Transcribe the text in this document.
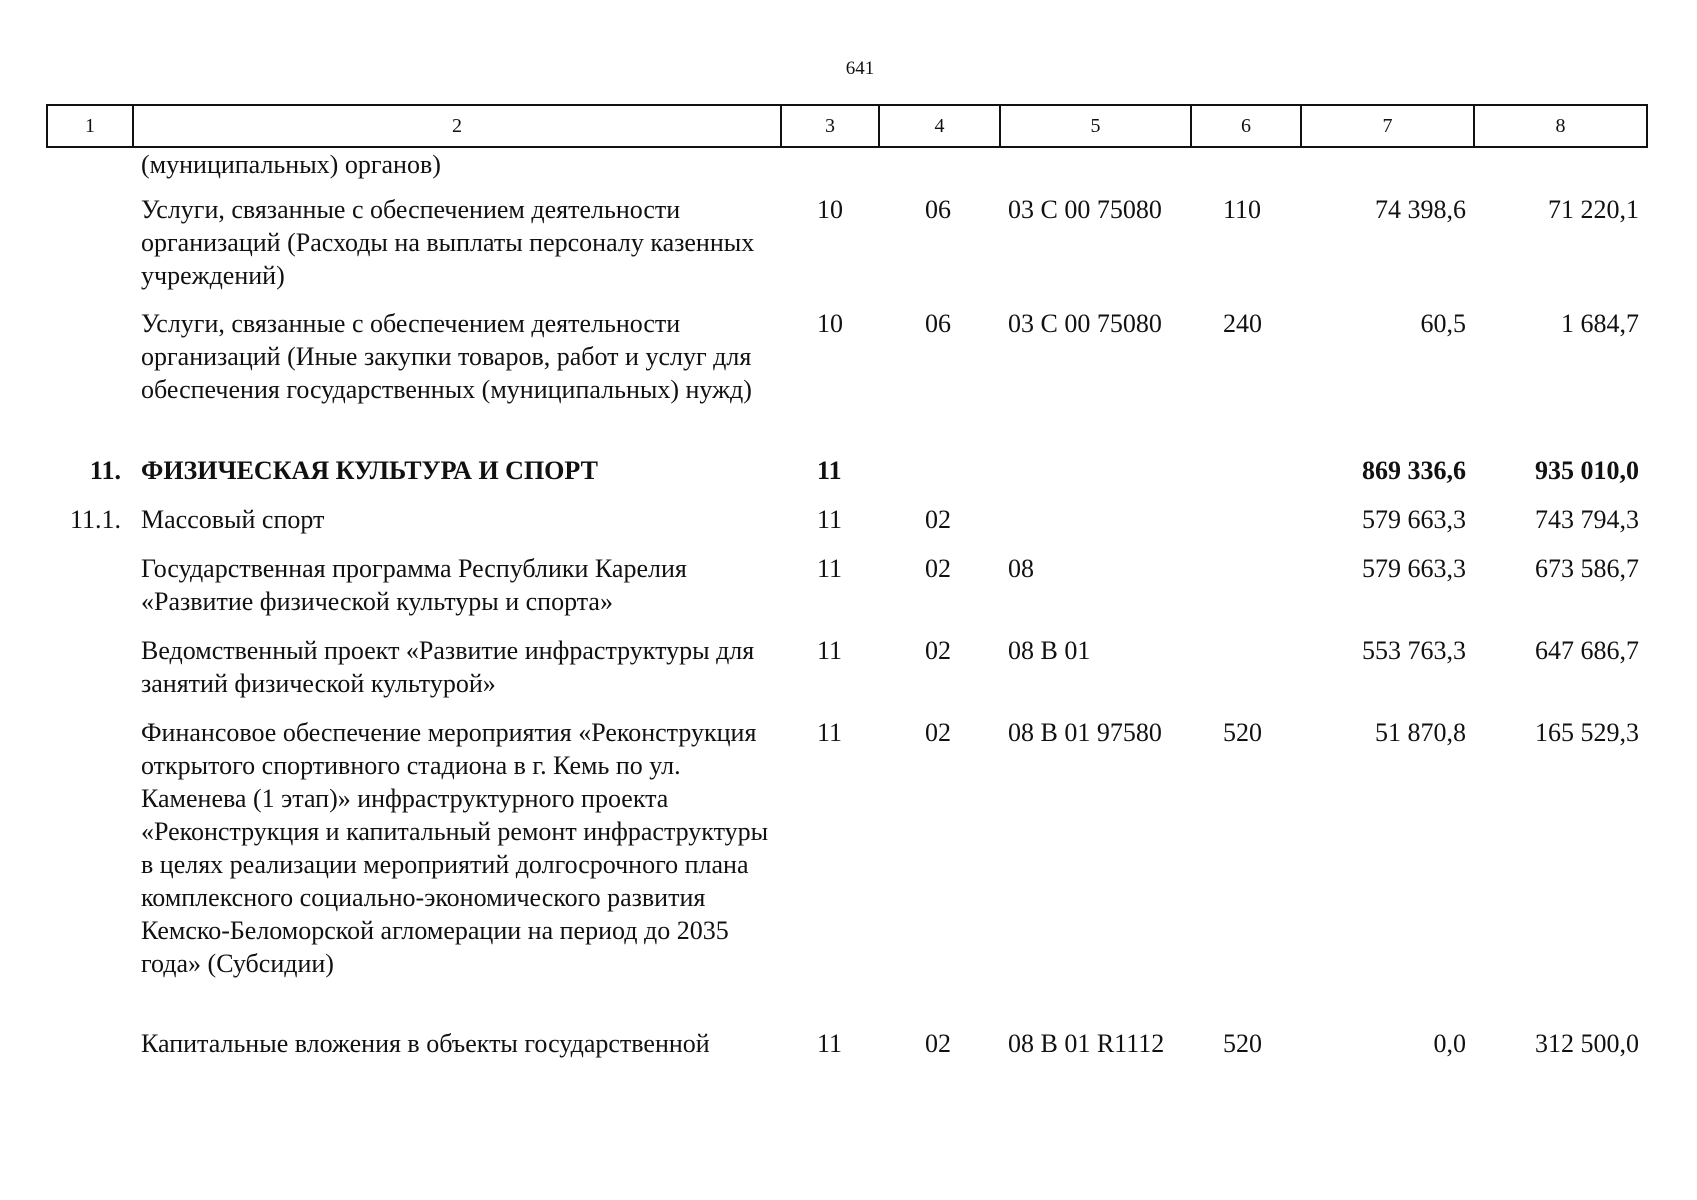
641
1	2	3	4	5	6	7	8
	(муниципальных) органов)						
	Услуги, связанные с обеспечением деятельности организаций (Расходы на выплаты персоналу казенных учреждений)	10	06	03 С 00 75080	110	74 398,6	71 220,1
	Услуги, связанные с обеспечением деятельности организаций (Иные закупки товаров, работ и услуг для обеспечения государственных (муниципальных) нужд)	10	06	03 С 00 75080	240	60,5	1 684,7
11.	ФИЗИЧЕСКАЯ КУЛЬТУРА И СПОРТ	11				869 336,6	935 010,0
11.1.	Массовый спорт	11	02			579 663,3	743 794,3
	Государственная программа Республики Карелия «Развитие физической культуры и спорта»	11	02	08		579 663,3	673 586,7
	Ведомственный проект «Развитие инфраструктуры для занятий физической культурой»	11	02	08 В 01		553 763,3	647 686,7
	Финансовое обеспечение мероприятия «Реконструкция открытого спортивного стадиона в г. Кемь по ул. Каменева (1 этап)» инфраструктурного проекта «Реконструкция и капитальный ремонт инфраструктуры в целях реализации мероприятий долгосрочного плана комплексного социально-экономического развития Кемско-Беломорской агломерации на период до 2035 года» (Субсидии)	11	02	08 В 01 97580	520	51 870,8	165 529,3
	Капитальные вложения в объекты государственной	11	02	08 В 01 R1112	520	0,0	312 500,0
